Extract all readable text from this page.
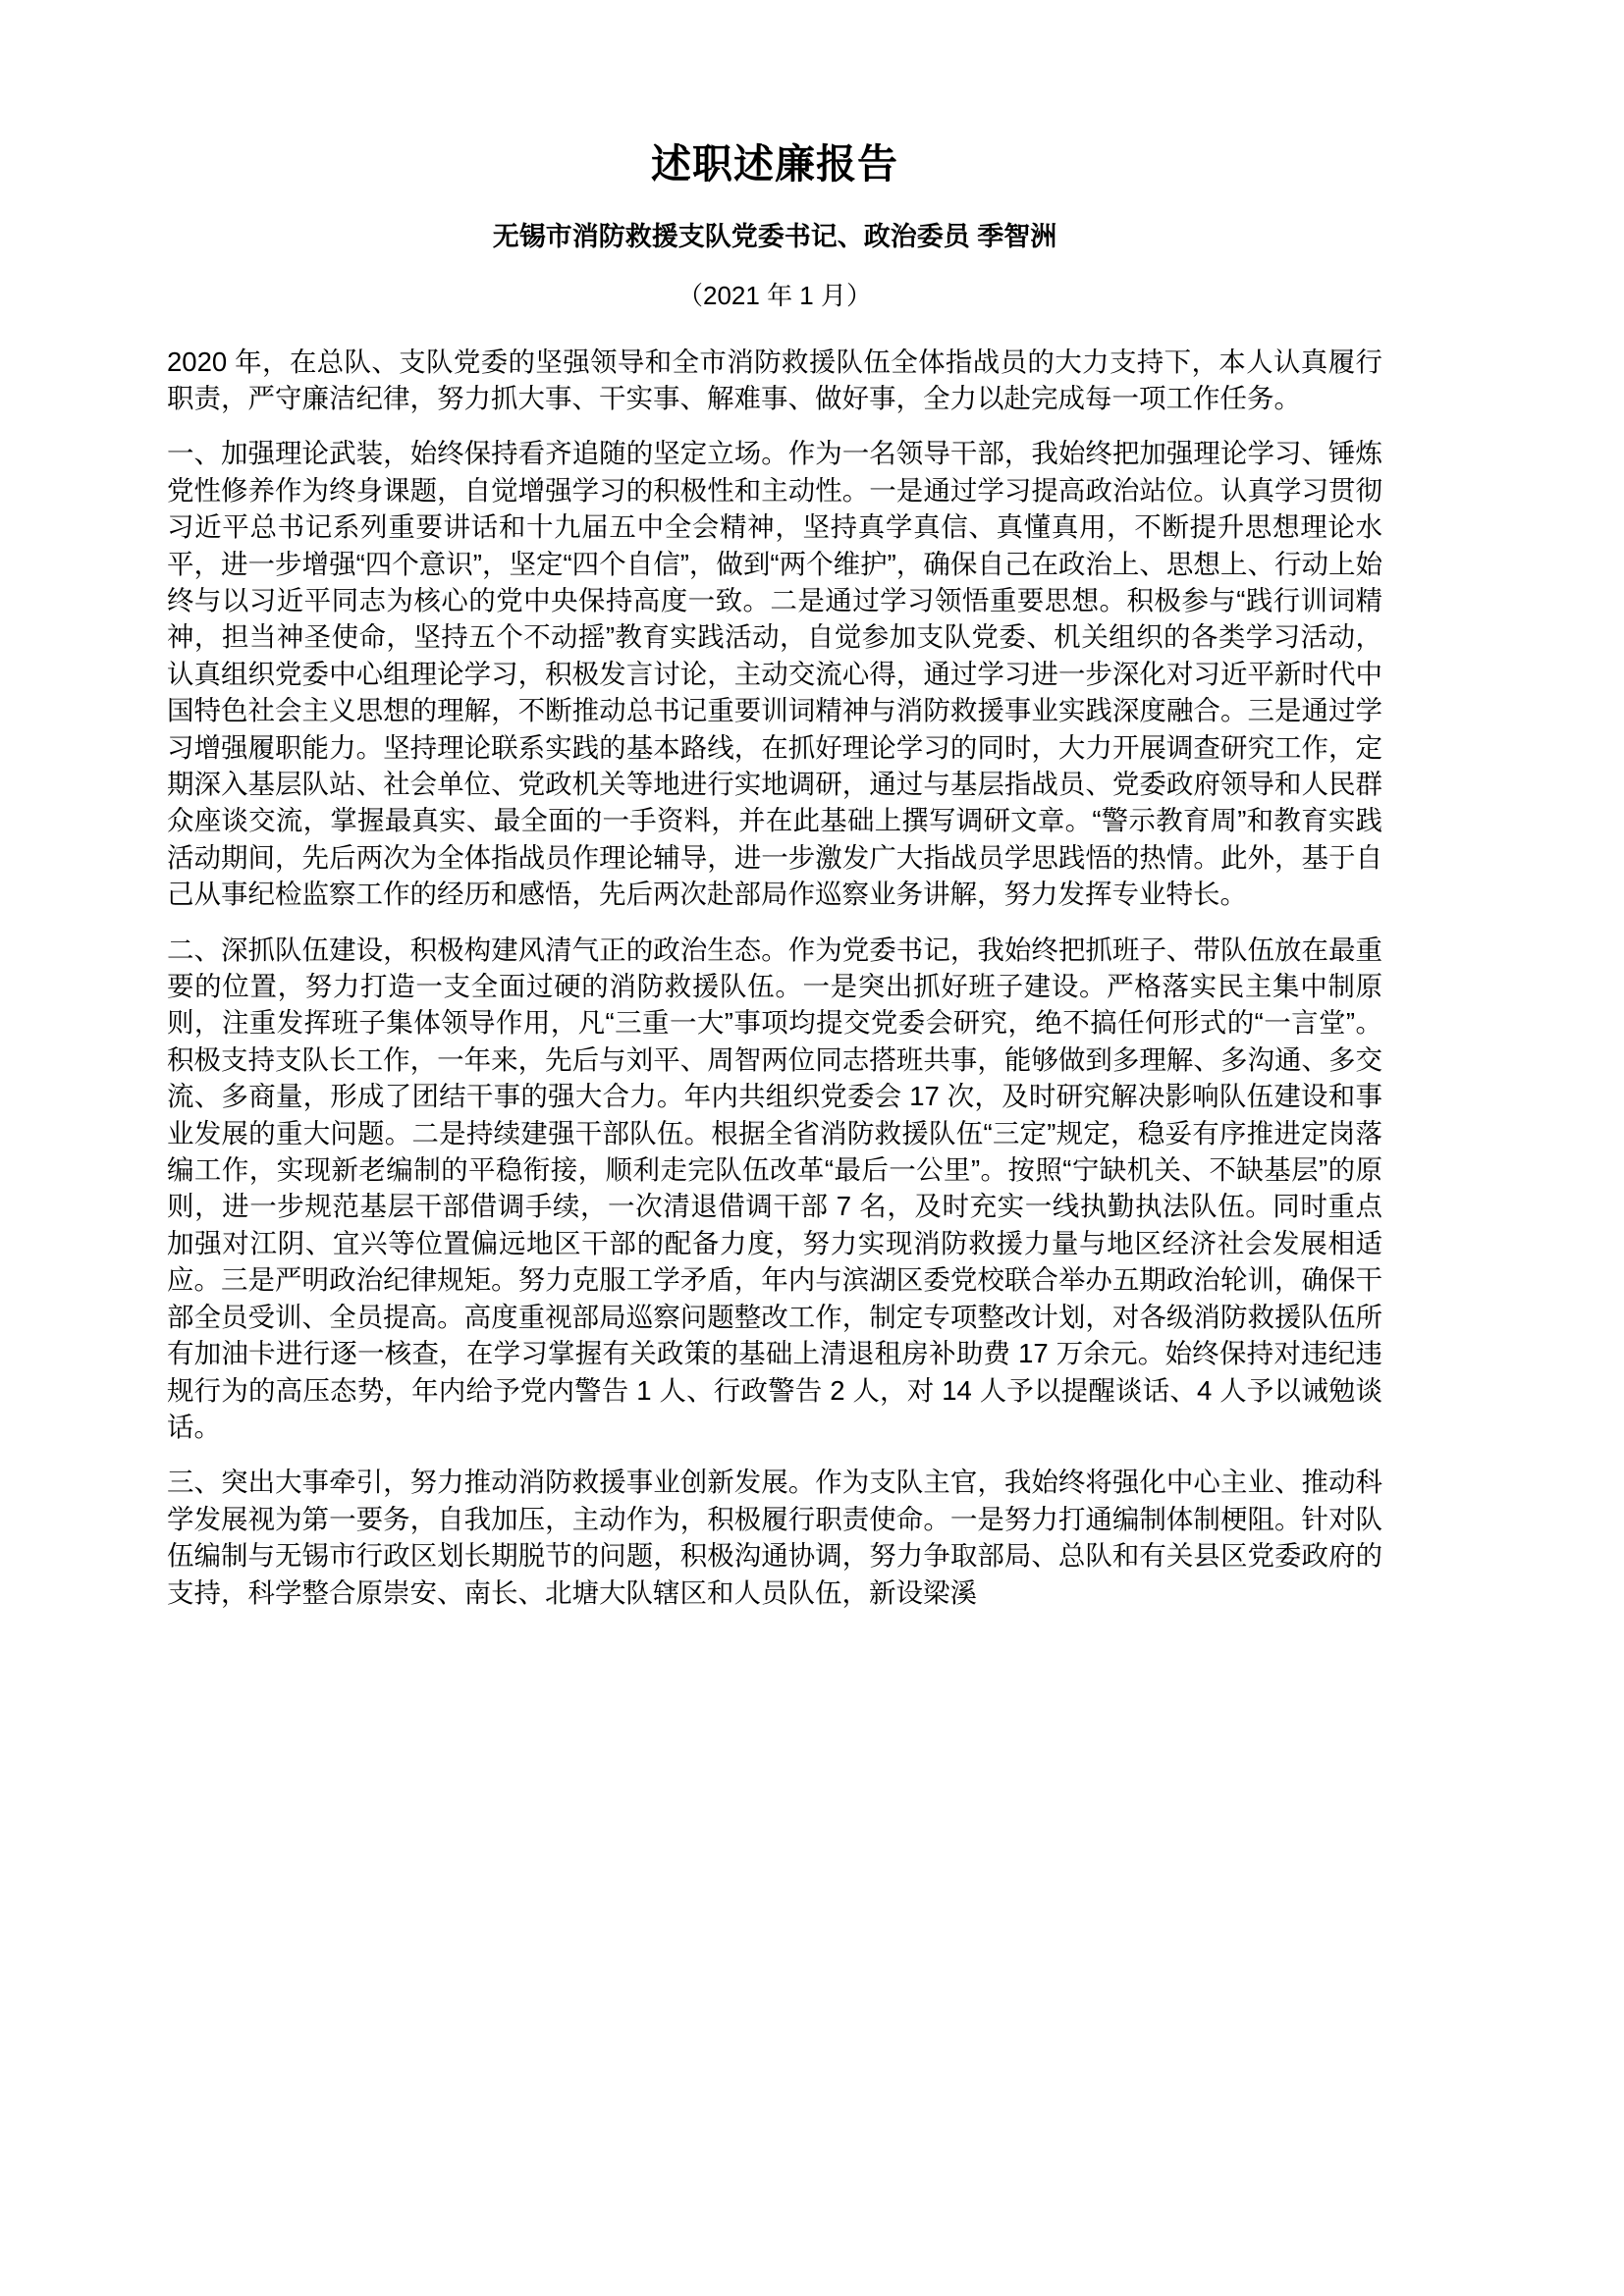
述职述廉报告
无锡市消防救援支队党委书记、政治委员 季智洲
（2021 年 1 月）

2020 年，在总队、支队党委的坚强领导和全市消防救援队伍全体指战员的大力支持下，本人认真履行职责，严守廉洁纪律，努力抓大事、干实事、解难事、做好事，全力以赴完成每一项工作任务。

一、加强理论武装，始终保持看齐追随的坚定立场。作为一名领导干部，我始终把加强理论学习、锤炼党性修养作为终身课题，自觉增强学习的积极性和主动性。一是通过学习提高政治站位。认真学习贯彻习近平总书记系列重要讲话和十九届五中全会精神，坚持真学真信、真懂真用，不断提升思想理论水平，进一步增强“四个意识”，坚定“四个自信”，做到“两个维护”，确保自己在政治上、思想上、行动上始终与以习近平同志为核心的党中央保持高度一致。二是通过学习领悟重要思想。积极参与“践行训词精神，担当神圣使命，坚持五个不动摇”教育实践活动，自觉参加支队党委、机关组织的各类学习活动，认真组织党委中心组理论学习，积极发言讨论，主动交流心得，通过学习进一步深化对习近平新时代中国特色社会主义思想的理解，不断推动总书记重要训词精神与消防救援事业实践深度融合。三是通过学习增强履职能力。坚持理论联系实践的基本路线，在抓好理论学习的同时，大力开展调查研究工作，定期深入基层队站、社会单位、党政机关等地进行实地调研，通过与基层指战员、党委政府领导和人民群众座谈交流，掌握最真实、最全面的一手资料，并在此基础上撰写调研文章。“警示教育周”和教育实践活动期间，先后两次为全体指战员作理论辅导，进一步激发广大指战员学思践悟的热情。此外，基于自己从事纪检监察工作的经历和感悟，先后两次赴部局作巡察业务讲解，努力发挥专业特长。

二、深抓队伍建设，积极构建风清气正的政治生态。作为党委书记，我始终把抓班子、带队伍放在最重要的位置，努力打造一支全面过硬的消防救援队伍。一是突出抓好班子建设。严格落实民主集中制原则，注重发挥班子集体领导作用，凡“三重一大”事项均提交党委会研究，绝不搞任何形式的“一言堂”。积极支持支队长工作，一年来，先后与刘平、周智两位同志搭班共事，能够做到多理解、多沟通、多交流、多商量，形成了团结干事的强大合力。年内共组织党委会 17 次，及时研究解决影响队伍建设和事业发展的重大问题。二是持续建强干部队伍。根据全省消防救援队伍“三定”规定，稳妥有序推进定岗落编工作，实现新老编制的平稳衔接，顺利走完队伍改革“最后一公里”。按照“宁缺机关、不缺基层”的原则，进一步规范基层干部借调手续，一次清退借调干部 7 名，及时充实一线执勤执法队伍。同时重点加强对江阴、宜兴等位置偏远地区干部的配备力度，努力实现消防救援力量与地区经济社会发展相适应。三是严明政治纪律规矩。努力克服工学矛盾，年内与滨湖区委党校联合举办五期政治轮训，确保干部全员受训、全员提高。高度重视部局巡察问题整改工作，制定专项整改计划，对各级消防救援队伍所有加油卡进行逐一核查，在学习掌握有关政策的基础上清退租房补助费 17 万余元。始终保持对违纪违规行为的高压态势，年内给予党内警告 1 人、行政警告 2 人，对 14 人予以提醒谈话、4 人予以诫勉谈话。

三、突出大事牵引，努力推动消防救援事业创新发展。作为支队主官，我始终将强化中心主业、推动科学发展视为第一要务，自我加压，主动作为，积极履行职责使命。一是努力打通编制体制梗阻。针对队伍编制与无锡市行政区划长期脱节的问题，积极沟通协调，努力争取部局、总队和有关县区党委政府的支持，科学整合原崇安、南长、北塘大队辖区和人员队伍，新设梁溪
